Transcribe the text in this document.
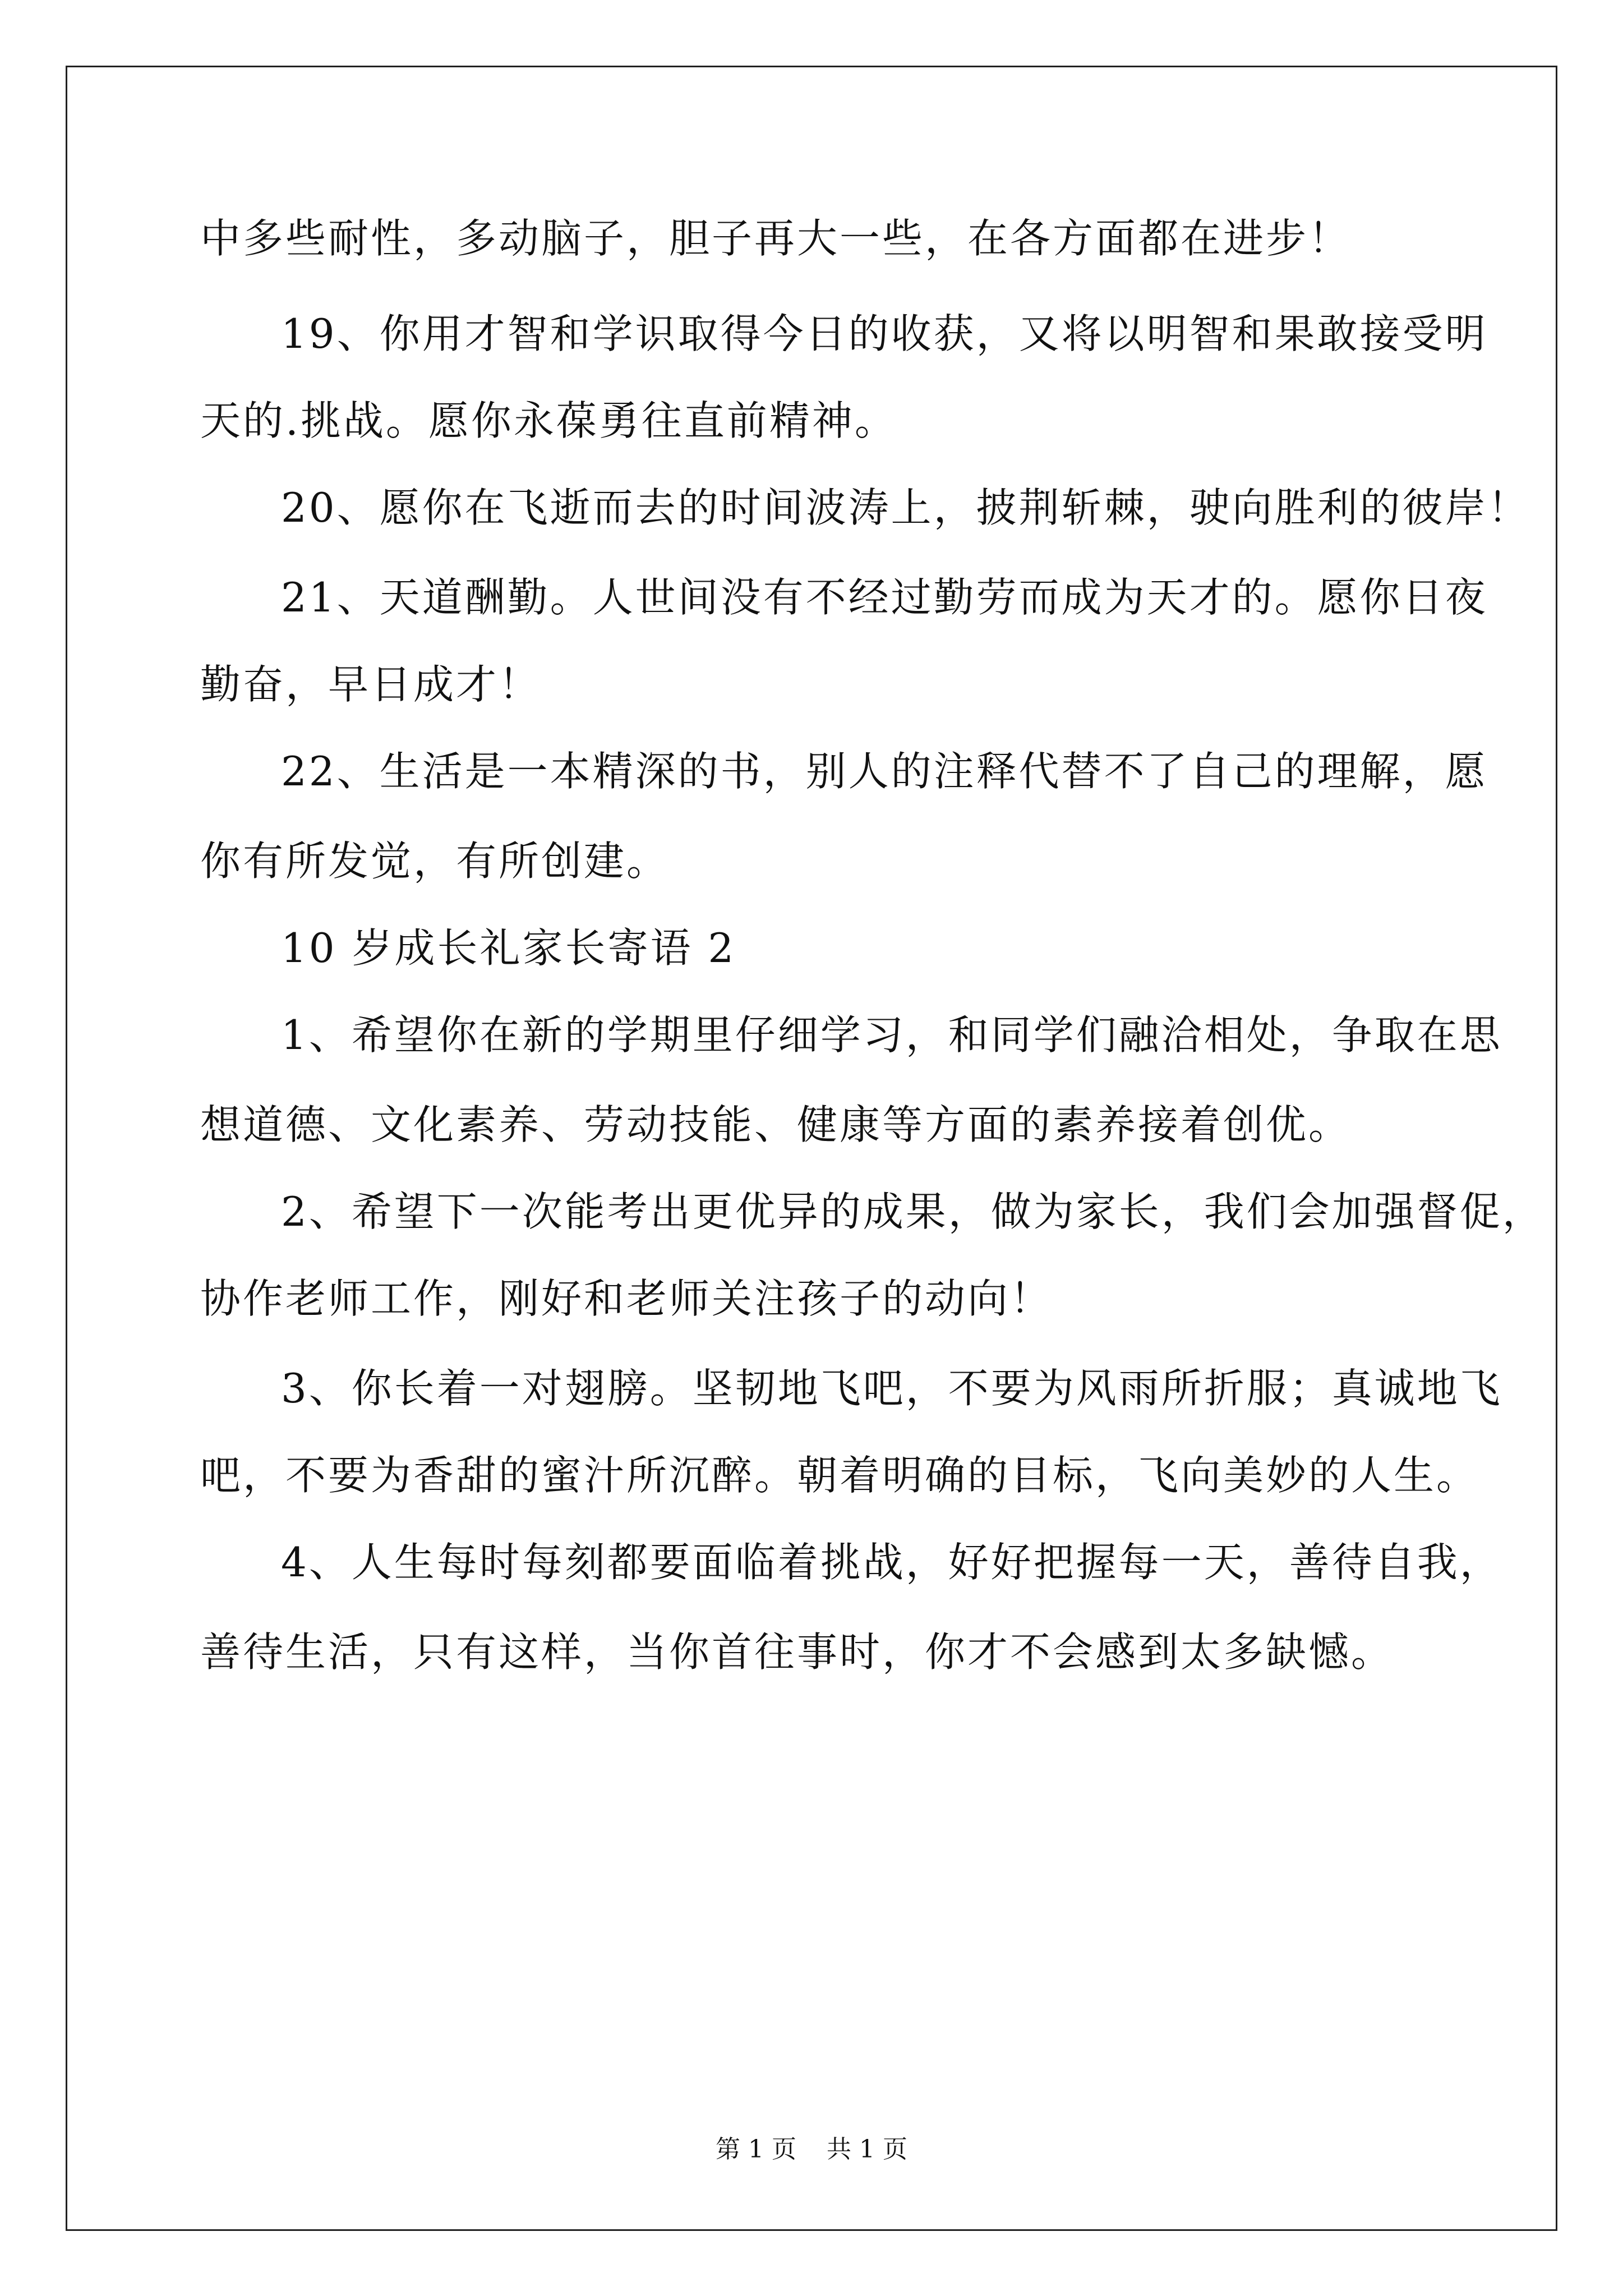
中多些耐性，多动脑子，胆子再大一些，在各方面都在进步！
19、你用才智和学识取得今日的收获，又将以明智和果敢接受明
天的.挑战。愿你永葆勇往直前精神。
20、愿你在飞逝而去的时间波涛上，披荆斩棘，驶向胜利的彼岸！
21、天道酬勤。人世间没有不经过勤劳而成为天才的。愿你日夜
勤奋，早日成才！
22、生活是一本精深的书，别人的注释代替不了自己的理解，愿
你有所发觉，有所创建。
10 岁成长礼家长寄语 2
1、希望你在新的学期里仔细学习，和同学们融洽相处，争取在思
想道德、文化素养、劳动技能、健康等方面的素养接着创优。
2、希望下一次能考出更优异的成果，做为家长，我们会加强督促，
协作老师工作，刚好和老师关注孩子的动向！
3、你长着一对翅膀。坚韧地飞吧，不要为风雨所折服；真诚地飞
吧，不要为香甜的蜜汁所沉醉。朝着明确的目标，飞向美妙的人生。
4、人生每时每刻都要面临着挑战，好好把握每一天，善待自我，
善待生活，只有这样，当你首往事时，你才不会感到太多缺憾。
第 1 页 共 1 页
